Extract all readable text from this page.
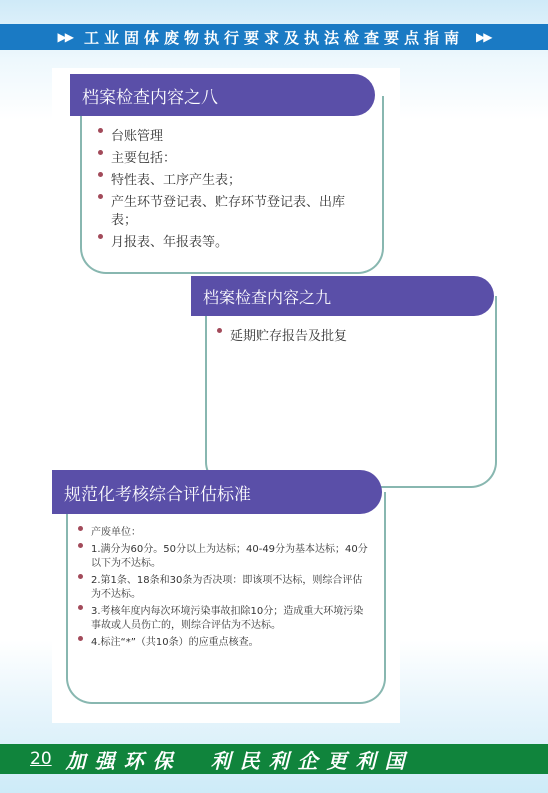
▶▶ 工业固体废物执行要求及执法检查要点指南 ▶▶
档案检查内容之八
台账管理
主要包括：
特性表、工序产生表；
产生环节登记表、贮存环节登记表、出库表；
月报表、年报表等。
档案检查内容之九
延期贮存报告及批复
规范化考核综合评估标准
产废单位：
1.满分为60分。50分以上为达标；40-49分为基本达标；40分以下为不达标。
2.第1条、18条和30条为否决项：即该项不达标，则综合评估为不达标。
3.考核年度内每次环境污染事故扣除10分；造成重大环境污染事故或人员伤亡的，则综合评估为不达标。
4.标注“*”（共10条）的应重点核查。
20 加强环保　利民利企更利国
